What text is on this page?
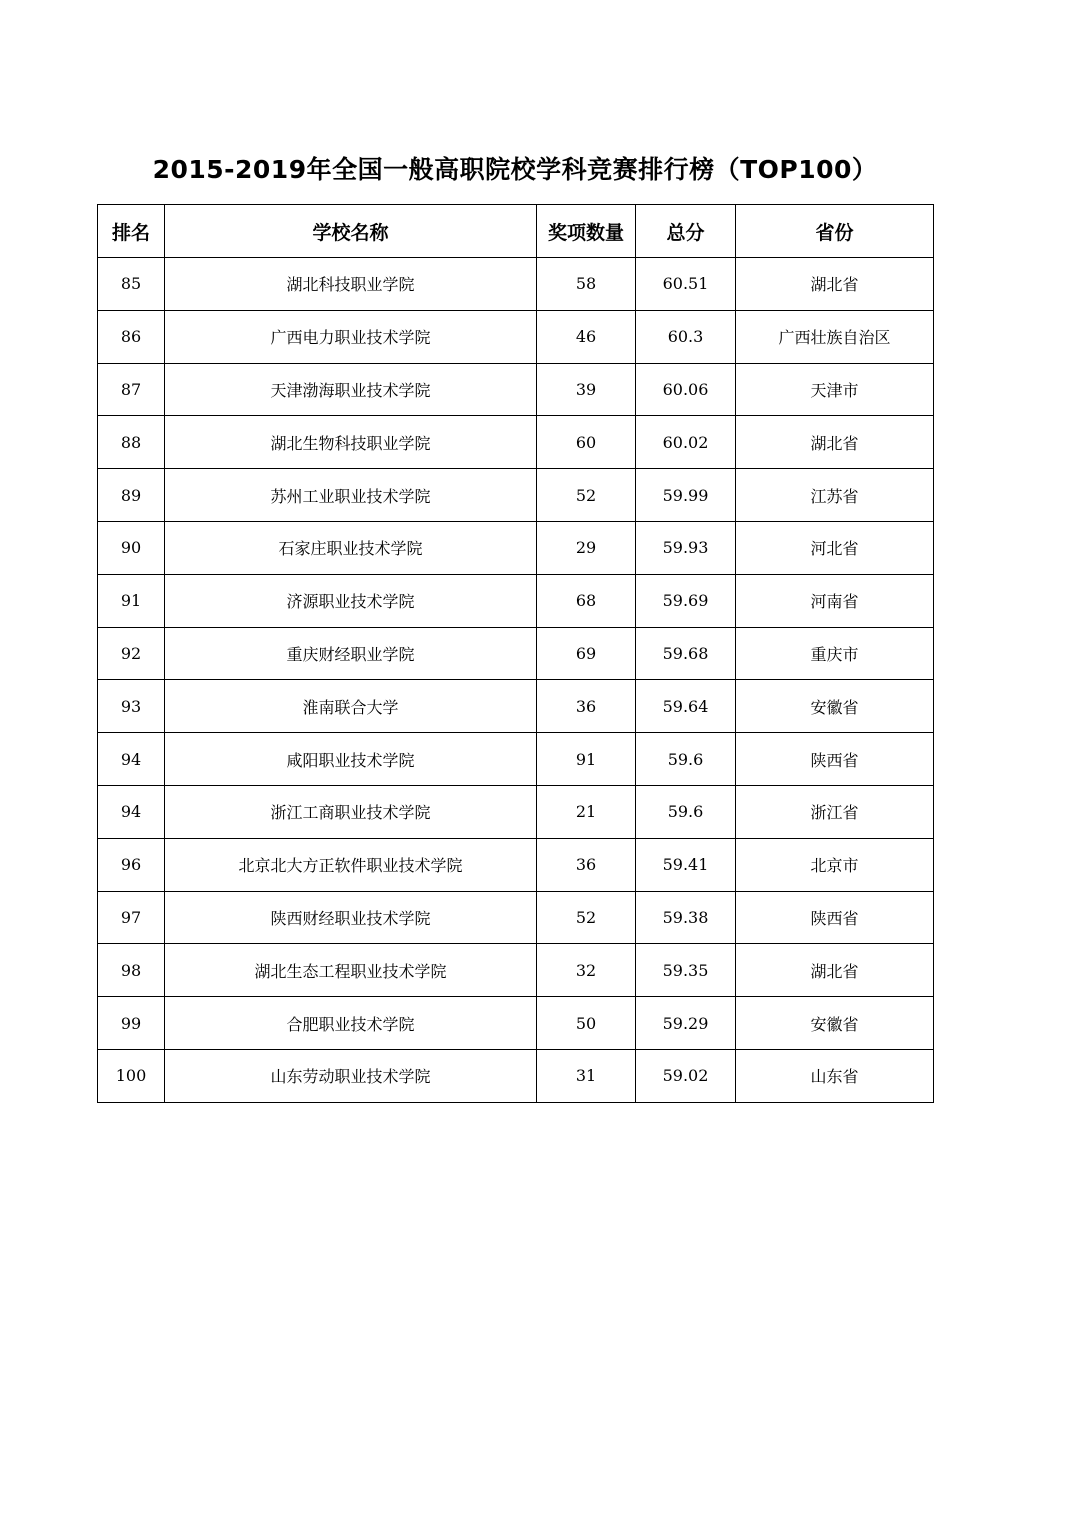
2015-2019年全国一般高职院校学科竞赛排行榜（TOP100）
排名	学校名称	奖项数量	总分	省份
85	湖北科技职业学院	58	60.51	湖北省
86	广西电力职业技术学院	46	60.3	广西壮族自治区
87	天津渤海职业技术学院	39	60.06	天津市
88	湖北生物科技职业学院	60	60.02	湖北省
89	苏州工业职业技术学院	52	59.99	江苏省
90	石家庄职业技术学院	29	59.93	河北省
91	济源职业技术学院	68	59.69	河南省
92	重庆财经职业学院	69	59.68	重庆市
93	淮南联合大学	36	59.64	安徽省
94	咸阳职业技术学院	91	59.6	陕西省
94	浙江工商职业技术学院	21	59.6	浙江省
96	北京北大方正软件职业技术学院	36	59.41	北京市
97	陕西财经职业技术学院	52	59.38	陕西省
98	湖北生态工程职业技术学院	32	59.35	湖北省
99	合肥职业技术学院	50	59.29	安徽省
100	山东劳动职业技术学院	31	59.02	山东省
